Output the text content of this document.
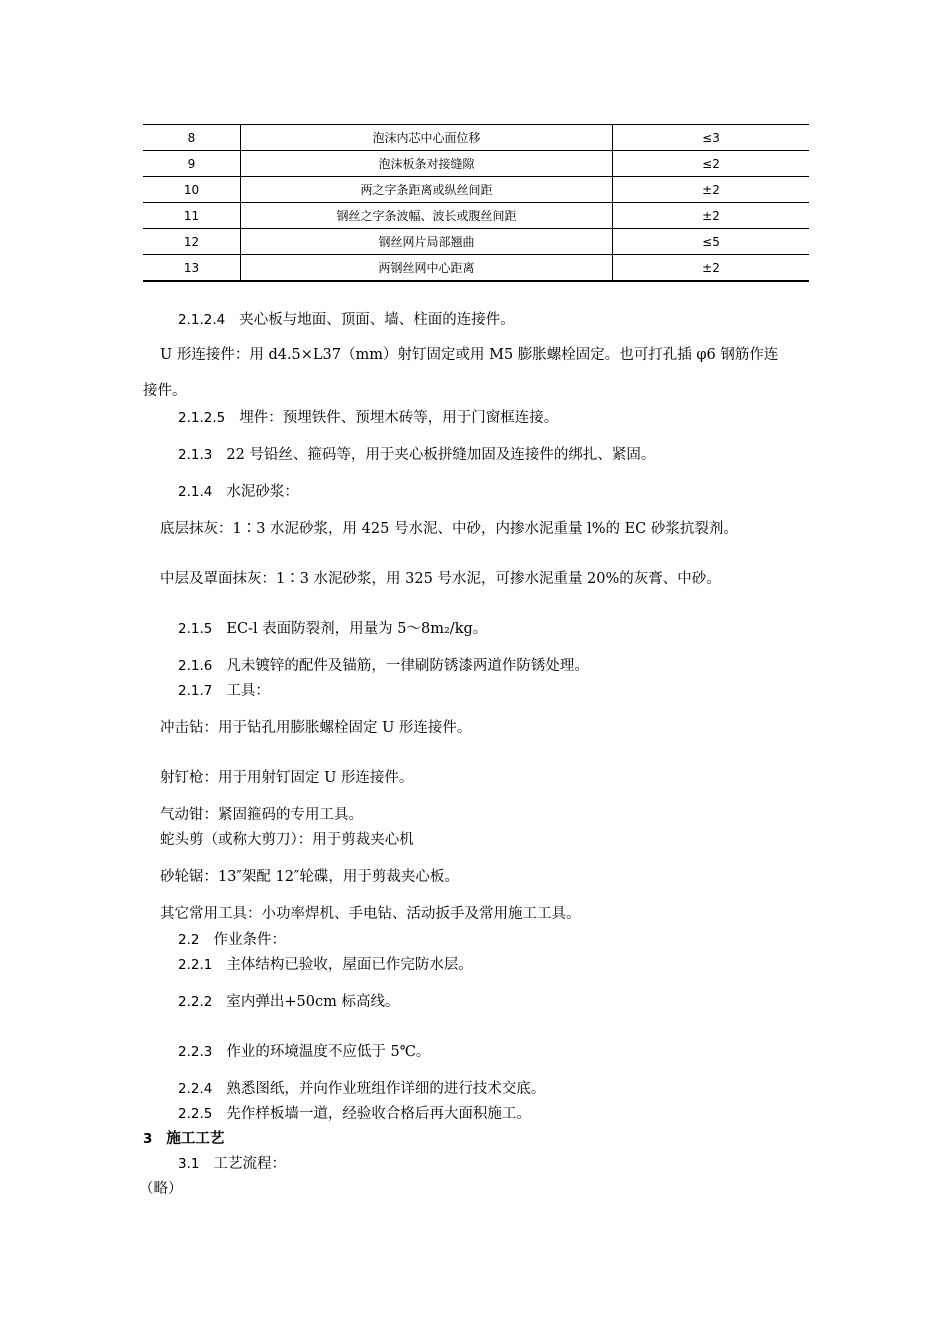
8	泡沫内芯中心面位移	≤3
9	泡沫板条对接缝隙	≤2
10	两之字条距离或纵丝间距	±2
11	钢丝之字条波幅、波长或腹丝间距	±2
12	钢丝网片局部翘曲	≤5
13	两钢丝网中心距离	±2
2.1.2.4 夹心板与地面、顶面、墙、柱面的连接件。
U 形连接件：用 d4.5×L37（mm）射钉固定或用 M5 膨胀螺栓固定。也可打孔插 φ6 钢筋作连
接件。
2.1.2.5 埋件：预埋铁件、预埋木砖等，用于门窗框连接。
2.1.3 22 号铅丝、箍码等，用于夹心板拼缝加固及连接件的绑扎、紧固。
2.1.4 水泥砂浆：
底层抹灰：1∶3 水泥砂浆，用 425 号水泥、中砂，内掺水泥重量 l%的 EC 砂浆抗裂剂。
中层及罩面抹灰：1∶3 水泥砂浆，用 325 号水泥，可掺水泥重量 20%的灰膏、中砂。
2.1.5 EC-l 表面防裂剂，用量为 5～8m₂/kg。
2.1.6 凡未镀锌的配件及锚筋，一律刷防锈漆两道作防锈处理。
2.1.7 工具：
冲击钻：用于钻孔用膨胀螺栓固定 U 形连接件。
射钉枪：用于用射钉固定 U 形连接件。
气动钳：紧固箍码的专用工具。
蛇头剪（或称大剪刀）：用于剪裁夹心机
砂轮锯：13″架配 12″轮碟，用于剪裁夹心板。
其它常用工具：小功率焊机、手电钻、活动扳手及常用施工工具。
2.2 作业条件：
2.2.1 主体结构已验收，屋面已作完防水层。
2.2.2 室内弹出+50cm 标高线。
2.2.3 作业的环境温度不应低于 5℃。
2.2.4 熟悉图纸，并向作业班组作详细的进行技术交底。
2.2.5 先作样板墙一道，经验收合格后再大面积施工。
3 施工工艺
3.1 工艺流程：
（略）
